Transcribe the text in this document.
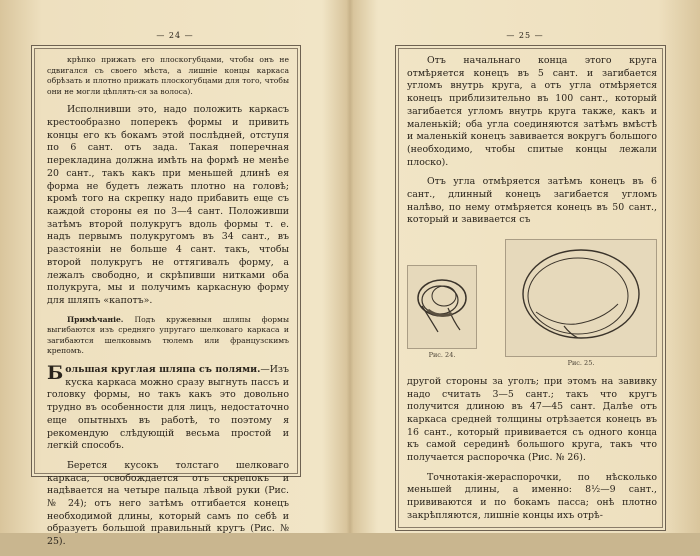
— 24 —

крѣпко прижать его плоскогубцами, чтобы онъ не сдвигался съ своего мѣста, а лишніе концы каркаса обрѣзать и плотно прижать плоскогубцами для того, чтобы они не могли цѣплять-ся за волоса).

Исполнивши это, надо положить каркасъ крестообразно поперекъ формы и привить концы его къ бокамъ этой послѣдней, отступя по 6 сант. отъ зада. Такая поперечная перекладина должна имѣть на формѣ не менѣе 20 сант., такъ какъ при меньшей длинѣ ея форма не будетъ лежать плотно на головѣ; кромѣ того на скрепку надо прибавить еще съ каждой стороны ея по 3—4 сант. Положивши затѣмъ второй полукругъ вдоль формы т. е. надъ первымъ полукругомъ въ 34 сант., въ разстояніи не больше 4 сант. такъ, чтобы второй полукругъ не оттягивалъ форму, а лежалъ свободно, и скрѣпивши нитками оба полукруга, мы и получимъ каркасную форму для шляпъ «капотъ».

Примѣчаніе. Подъ кружевныя шляпы формы выгибаются изъ средняго упругаго шелковаго каркаса и загибаются шелковымъ тюлемъ или французскимъ крепомъ.

Большая круглая шляпа съ полями.—Изъ куска каркаса можно сразу выгнуть пассъ и головку формы, но такъ какъ это довольно трудно въ особенности для лицъ, недостаточно еще опытныхъ въ работѣ, то поэтому я рекомендую слѣдующій весьма простой и легкій способъ.

Берется кусокъ толстаго шелковаго каркаса, освобождается отъ скрепокъ и надѣвается на четыре пальца лѣвой руки (Рис. № 24); отъ него затѣмъ отгибается конецъ необходимой длины, который самъ по себѣ и образуетъ большой правильный кругъ (Рис. № 25).

— 25 —

Отъ начальнаго конца этого круга отмѣряется конецъ въ 5 сант. и загибается угломъ внутрь круга, а отъ угла отмѣряется конецъ приблизительно въ 100 сант., который загибается угломъ внутрь круга также, какъ и маленькій; оба угла соединяются затѣмъ вмѣстѣ и маленькій конецъ завивается вокругъ большого (необходимо, чтобы спитые концы лежали плоско).

Отъ угла отмѣряется затѣмъ конецъ въ 6 сант., длинный конецъ загибается угломъ налѣво, по нему отмѣряется конецъ въ 50 сант., который и завивается съ

Рис. 24.
Рис. 25.

другой стороны за уголъ; при этомъ на завивку надо считать 3—5 сант.; такъ что кругъ получится длиною въ 47—45 сант. Далѣе отъ каркаса средней толщины отрѣзается конецъ въ 16 сант., который прививается съ одного конца къ самой серединѣ большого круга, такъ что получается распорочка (Рис. № 26).

Точнотакія-жераспорочки, по нѣсколько меньшей длины, а именно: 8½—9 сант., прививаются и по бокамъ пасса; онѣ плотно закрѣпляются, лишніе концы ихъ отрѣ-
